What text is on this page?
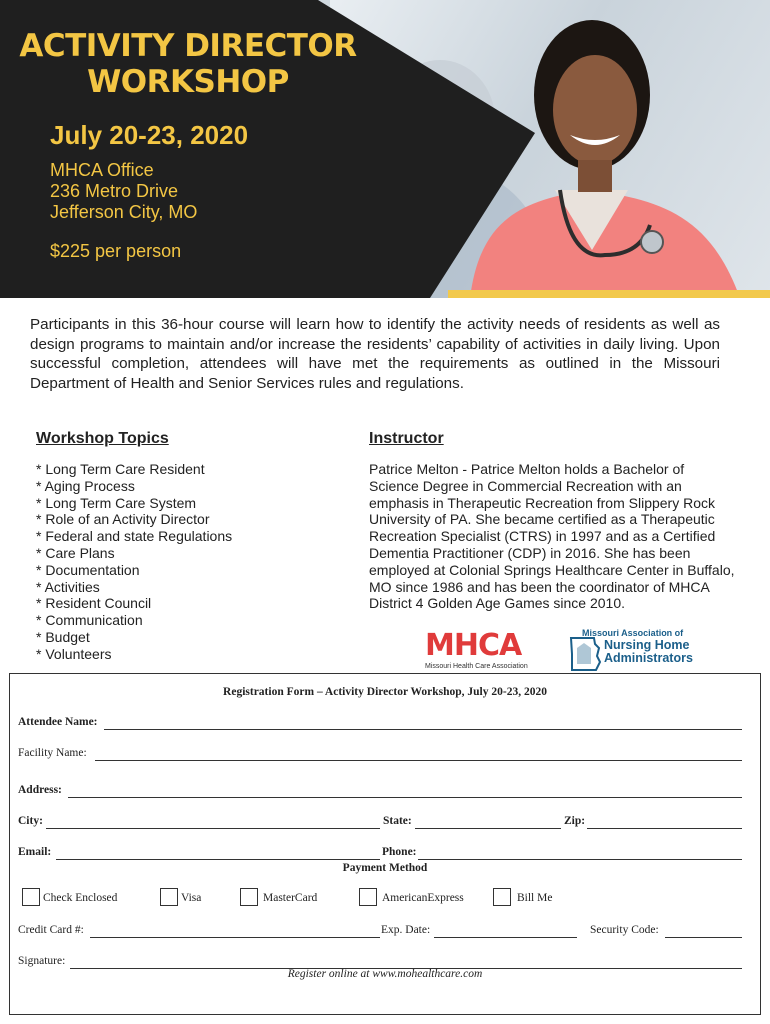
ACTIVITY DIRECTOR
WORKSHOP
July 20-23, 2020
MHCA Office
236 Metro Drive
Jefferson City, MO
$225 per person
Participants in this 36-hour course will learn how to identify the activity needs of residents as well as design programs to maintain and/or increase the residents’ capability of activities in daily living. Upon successful completion, attendees will have met the requirements as outlined in the Missouri Department of Health and Senior Services rules and regulations.
Workshop Topics	Instructor
* Long Term Care Resident
* Aging Process
* Long Term Care System
* Role of an Activity Director
* Federal and state Regulations
* Care Plans
* Documentation
* Activities
* Resident Council
* Communication
* Budget
* Volunteers
Patrice Melton - Patrice Melton holds a Bachelor of Science Degree in Commercial Recreation with an emphasis in Therapeutic Recreation from Slippery Rock University of PA. She became certified as a Therapeutic Recreation Specialist (CTRS) in 1997 and as a Certified Dementia Practitioner (CDP) in 2016. She has been employed at Colonial Springs Healthcare Center in Buffalo, MO since 1986 and has been the coordinator of MHCA District 4 Golden Age Games since 2010.
MHCA
Missouri Health Care Association
Missouri Association of
Nursing Home
Administrators
Registration Form – Activity Director Workshop, July 20-23, 2020
Attendee Name:
Facility Name:
Address:
City:	State:	Zip:
Email:	Phone:
Payment Method
Check Enclosed	Visa	MasterCard	AmericanExpress	Bill Me
Credit Card #:	Exp. Date:	Security Code:
Signature:
Register online at www.mohealthcare.com
